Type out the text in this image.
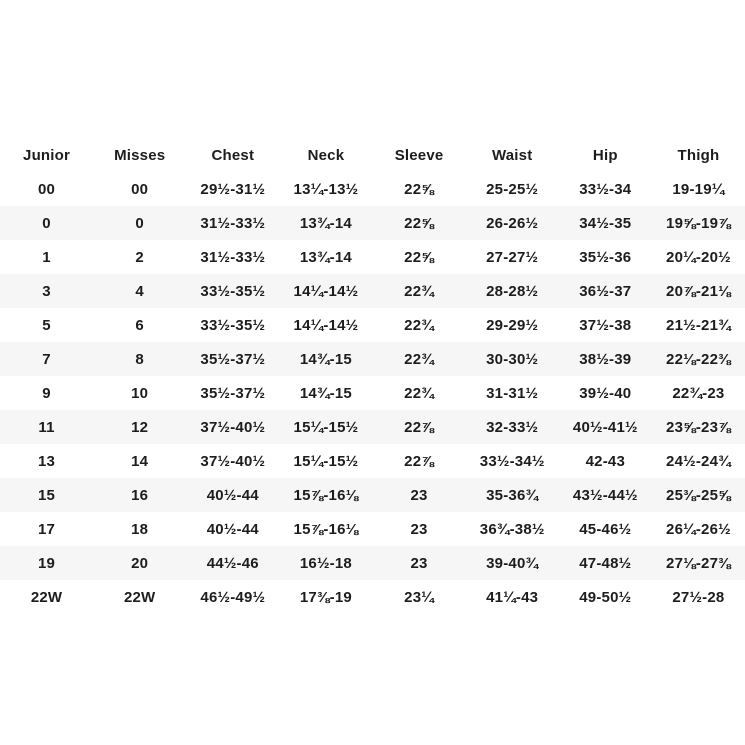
Junior	Misses	Chest	Neck	Sleeve	Waist	Hip	Thigh
00	00	29½-31½	13¼-13½	22⅝	25-25½	33½-34	19-19¼
0	0	31½-33½	13¾-14	22⅝	26-26½	34½-35	19⅝-19⅞
1	2	31½-33½	13¾-14	22⅝	27-27½	35½-36	20¼-20½
3	4	33½-35½	14¼-14½	22¾	28-28½	36½-37	20⅞-21⅛
5	6	33½-35½	14¼-14½	22¾	29-29½	37½-38	21½-21¾
7	8	35½-37½	14¾-15	22¾	30-30½	38½-39	22⅛-22⅜
9	10	35½-37½	14¾-15	22¾	31-31½	39½-40	22¾-23
11	12	37½-40½	15¼-15½	22⅞	32-33½	40½-41½	23⅝-23⅞
13	14	37½-40½	15¼-15½	22⅞	33½-34½	42-43	24½-24¾
15	16	40½-44	15⅞-16⅛	23	35-36¾	43½-44½	25⅜-25⅝
17	18	40½-44	15⅞-16⅛	23	36¾-38½	45-46½	26¼-26½
19	20	44½-46	16½-18	23	39-40¾	47-48½	27⅛-27⅜
22W	22W	46½-49½	17⅜-19	23¼	41¼-43	49-50½	27½-28
